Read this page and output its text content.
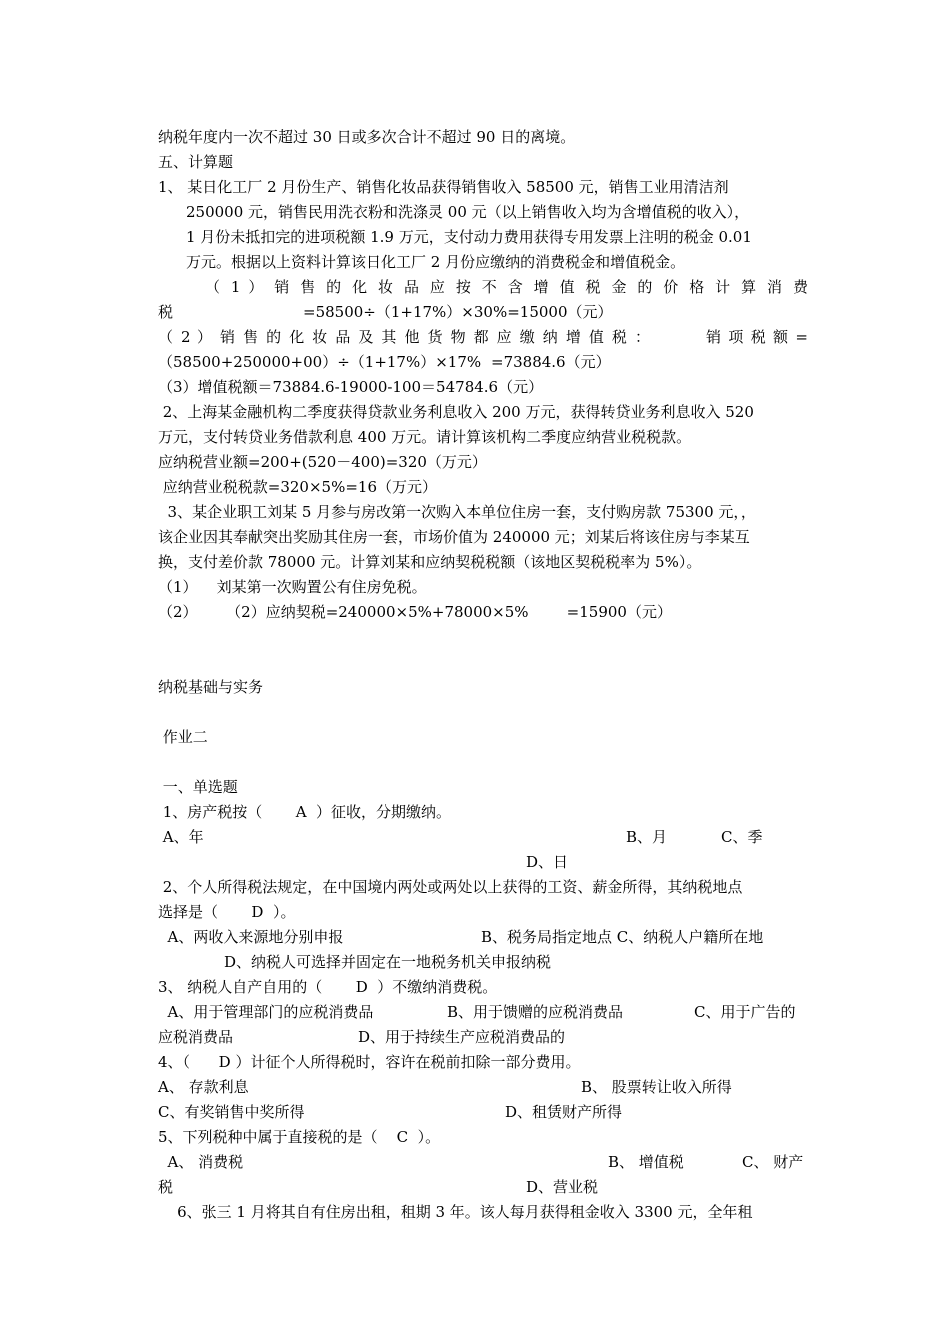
纳税年度内一次不超过 30 日或多次合计不超过 90 日的离境。
五、计算题
1、 某日化工厂 2 月份生产、销售化妆品获得销售收入 58500 元，销售工业用清洁剂
250000 元，销售民用洗衣粉和洗涤灵 00 元（以上销售收入均为含增值税的收入），
1 月份未抵扣完的进项税额 1.9 万元，支付动力费用获得专用发票上注明的税金 0.01
万元。根据以上资料计算该日化工厂 2 月份应缴纳的消费税金和增值税金。
（ 1 ） 销 售 的 化 妆 品 应 按 不 含 增 值 税 金 的 价 格 计 算 消 费
税	=58500÷（1+17%）×30%=15000（元）
（ 2 ） 销 售 的 化 妆 品 及 其 他 货 物 都 应 缴 纳 增 值 税 ：	销 项 税 额 =
（58500+250000+00）÷（1+17%）×17% =73884.6（元）
（3）增值税额＝73884.6-19000-100＝54784.6（元）
2、上海某金融机构二季度获得贷款业务利息收入 200 万元，获得转贷业务利息收入 520
万元，支付转贷业务借款利息 400 万元。请计算该机构二季度应纳营业税税款。
应纳税营业额=200+(520－400)=320（万元）
应纳营业税税款=320×5%=16（万元）
3、某企业职工刘某 5 月参与房改第一次购入本单位住房一套，支付购房款 75300 元，，
该企业因其奉献突出奖励其住房一套，市场价值为 240000 元；刘某后将该住房与李某互
换，支付差价款 78000 元。计算刘某和应纳契税税额（该地区契税税率为 5%）。
（1）    刘某第一次购置公有住房免税。
（2）      （2）应纳契税=240000×5%+78000×5%        =15900（元）
纳税基础与实务
作业二
一、单选题
1、房产税按（       A  ）征收，分期缴纳。
A、年	B、月	C、季
D、日
2、个人所得税法规定，在中国境内两处或两处以上获得的工资、薪金所得，其纳税地点
选择是（       D  ）。
A、两收入来源地分别申报	B、税务局指定地点 C、纳税人户籍所在地
D、纳税人可选择并固定在一地税务机关申报纳税
3、 纳税人自产自用的（       D  ）不缴纳消费税。
A、用于管理部门的应税消费品	B、用于馈赠的应税消费品	C、用于广告的
应税消费品	D、用于持续生产应税消费品的
4、（      D ）计征个人所得税时，容许在税前扣除一部分费用。
A、 存款利息	B、 股票转让收入所得
C、有奖销售中奖所得	D、租赁财产所得
5、下列税种中属于直接税的是（    C  ）。
A、 消费税	B、 增值税	C、 财产
税	D、营业税
6、张三 1 月将其自有住房出租，租期 3 年。该人每月获得租金收入 3300 元，全年租
